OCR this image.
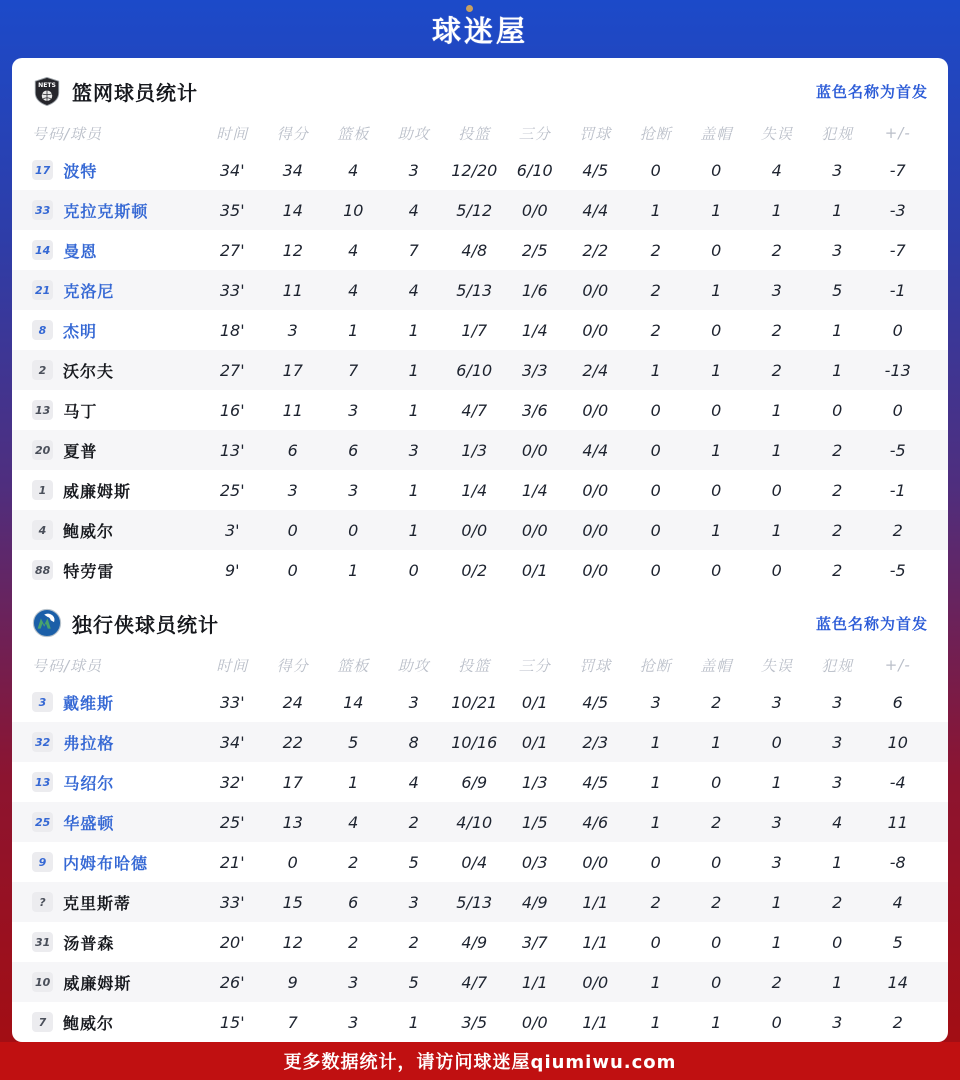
球迷屋
NETS 篮网球员统计	蓝色名称为首发
号码/球员	时间	得分	篮板	助攻	投篮	三分	罚球	抢断	盖帽	失误	犯规	+/-
17 波特	34'	34	4	3	12/20	6/10	4/5	0	0	4	3	-7
33 克拉克斯顿	35'	14	10	4	5/12	0/0	4/4	1	1	1	1	-3
14 曼恩	27'	12	4	7	4/8	2/5	2/2	2	0	2	3	-7
21 克洛尼	33'	11	4	4	5/13	1/6	0/0	2	1	3	5	-1
8	杰明	18'	3	1	1	1/7	1/4	0/0	2	0	2	1	0
2	沃尔夫	27'	17	7	1	6/10	3/3	2/4	1	1	2	1	-13
13 马丁	16'	11	3	1	4/7	3/6	0/0	0	0	1	0	0
20 夏普	13'	6	6	3	1/3	0/0	4/4	0	1	1	2	-5
1	威廉姆斯	25'	3	3	1	1/4	1/4	0/0	0	0	0	2	-1
4	鲍威尔	3'	0	0	1	0/0	0/0	0/0	0	1	1	2	2
88 特劳雷	9'	0	1	0	0/2	0/1	0/0	0	0	0	2	-5
独行侠球员统计	蓝色名称为首发
号码/球员	时间	得分	篮板	助攻	投篮	三分	罚球	抢断	盖帽	失误	犯规	+/-
3	戴维斯	33'	24	14	3	10/21	0/1	4/5	3	2	3	3	6
32 弗拉格	34'	22	5	8	10/16	0/1	2/3	1	1	0	3	10
13 马绍尔	32'	17	1	4	6/9	1/3	4/5	1	0	1	3	-4
25 华盛顿	25'	13	4	2	4/10	1/5	4/6	1	2	3	4	11
9	内姆布哈德	21'	0	2	5	0/4	0/3	0/0	0	0	3	1	-8
?	克里斯蒂	33'	15	6	3	5/13	4/9	1/1	2	2	1	2	4
31 汤普森	20'	12	2	2	4/9	3/7	1/1	0	0	1	0	5
10 威廉姆斯	26'	9	3	5	4/7	1/1	0/0	1	0	2	1	14
7	鲍威尔	15'	7	3	1	3/5	0/0	1/1	1	1	0	3	2
更多数据统计，请访问球迷屋qiumiwu.com
